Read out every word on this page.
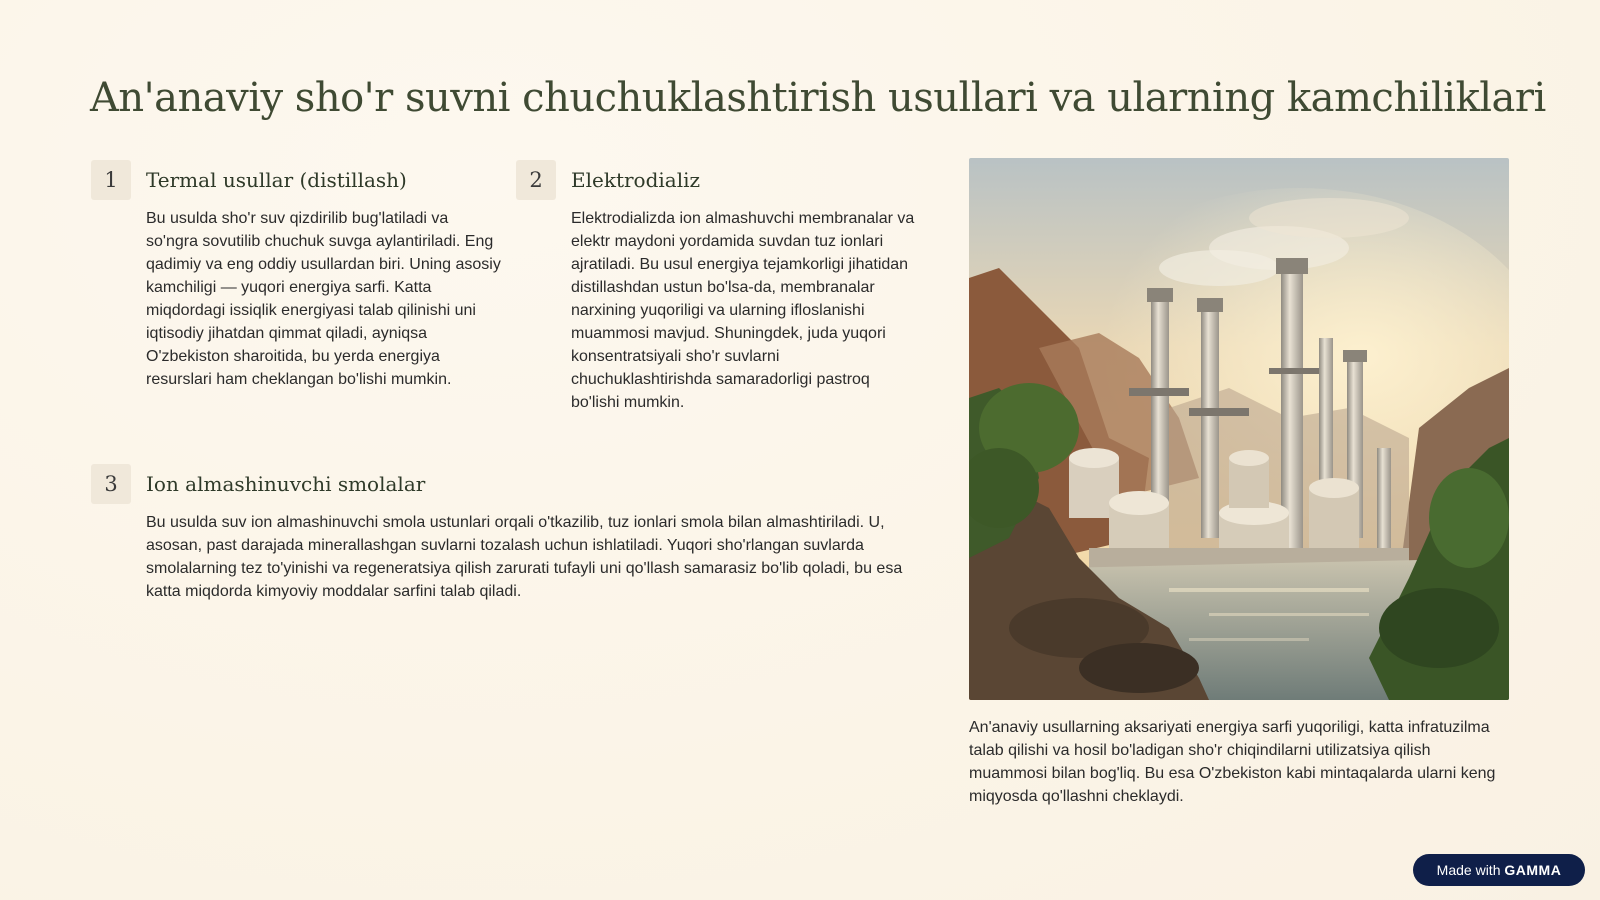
An'anaviy sho'r suvni chuchuklashtirish usullari va ularning kamchiliklari
1	Termal usullar (distillash)
Bu usulda sho'r suv qizdirilib bug'latiladi va so'ngra sovutilib chuchuk suvga aylantiriladi. Eng qadimiy va eng oddiy usullardan biri. Uning asosiy kamchiligi — yuqori energiya sarfi. Katta miqdordagi issiqlik energiyasi talab qilinishi uni iqtisodiy jihatdan qimmat qiladi, ayniqsa O'zbekiston sharoitida, bu yerda energiya resurslari ham cheklangan bo'lishi mumkin.
2	Elektrodializ
Elektrodializda ion almashuvchi membranalar va elektr maydoni yordamida suvdan tuz ionlari ajratiladi. Bu usul energiya tejamkorligi jihatidan distillashdan ustun bo'lsa-da, membranalar narxining yuqoriligi va ularning ifloslanishi muammosi mavjud. Shuningdek, juda yuqori konsentratsiyali sho'r suvlarni chuchuklashtirishda samaradorligi pastroq bo'lishi mumkin.
3	Ion almashinuvchi smolalar
Bu usulda suv ion almashinuvchi smola ustunlari orqali o'tkazilib, tuz ionlari smola bilan almashtiriladi. U, asosan, past darajada minerallashgan suvlarni tozalash uchun ishlatiladi. Yuqori sho'rlangan suvlarda smolalarning tez to'yinishi va regeneratsiya qilish zarurati tufayli uni qo'llash samarasiz bo'lib qoladi, bu esa katta miqdorda kimyoviy moddalar sarfini talab qiladi.
An'anaviy usullarning aksariyati energiya sarfi yuqoriligi, katta infratuzilma talab qilishi va hosil bo'ladigan sho'r chiqindilarni utilizatsiya qilish muammosi bilan bog'liq. Bu esa O'zbekiston kabi mintaqalarda ularni keng miqyosda qo'llashni cheklaydi.
Made with GAMMA
